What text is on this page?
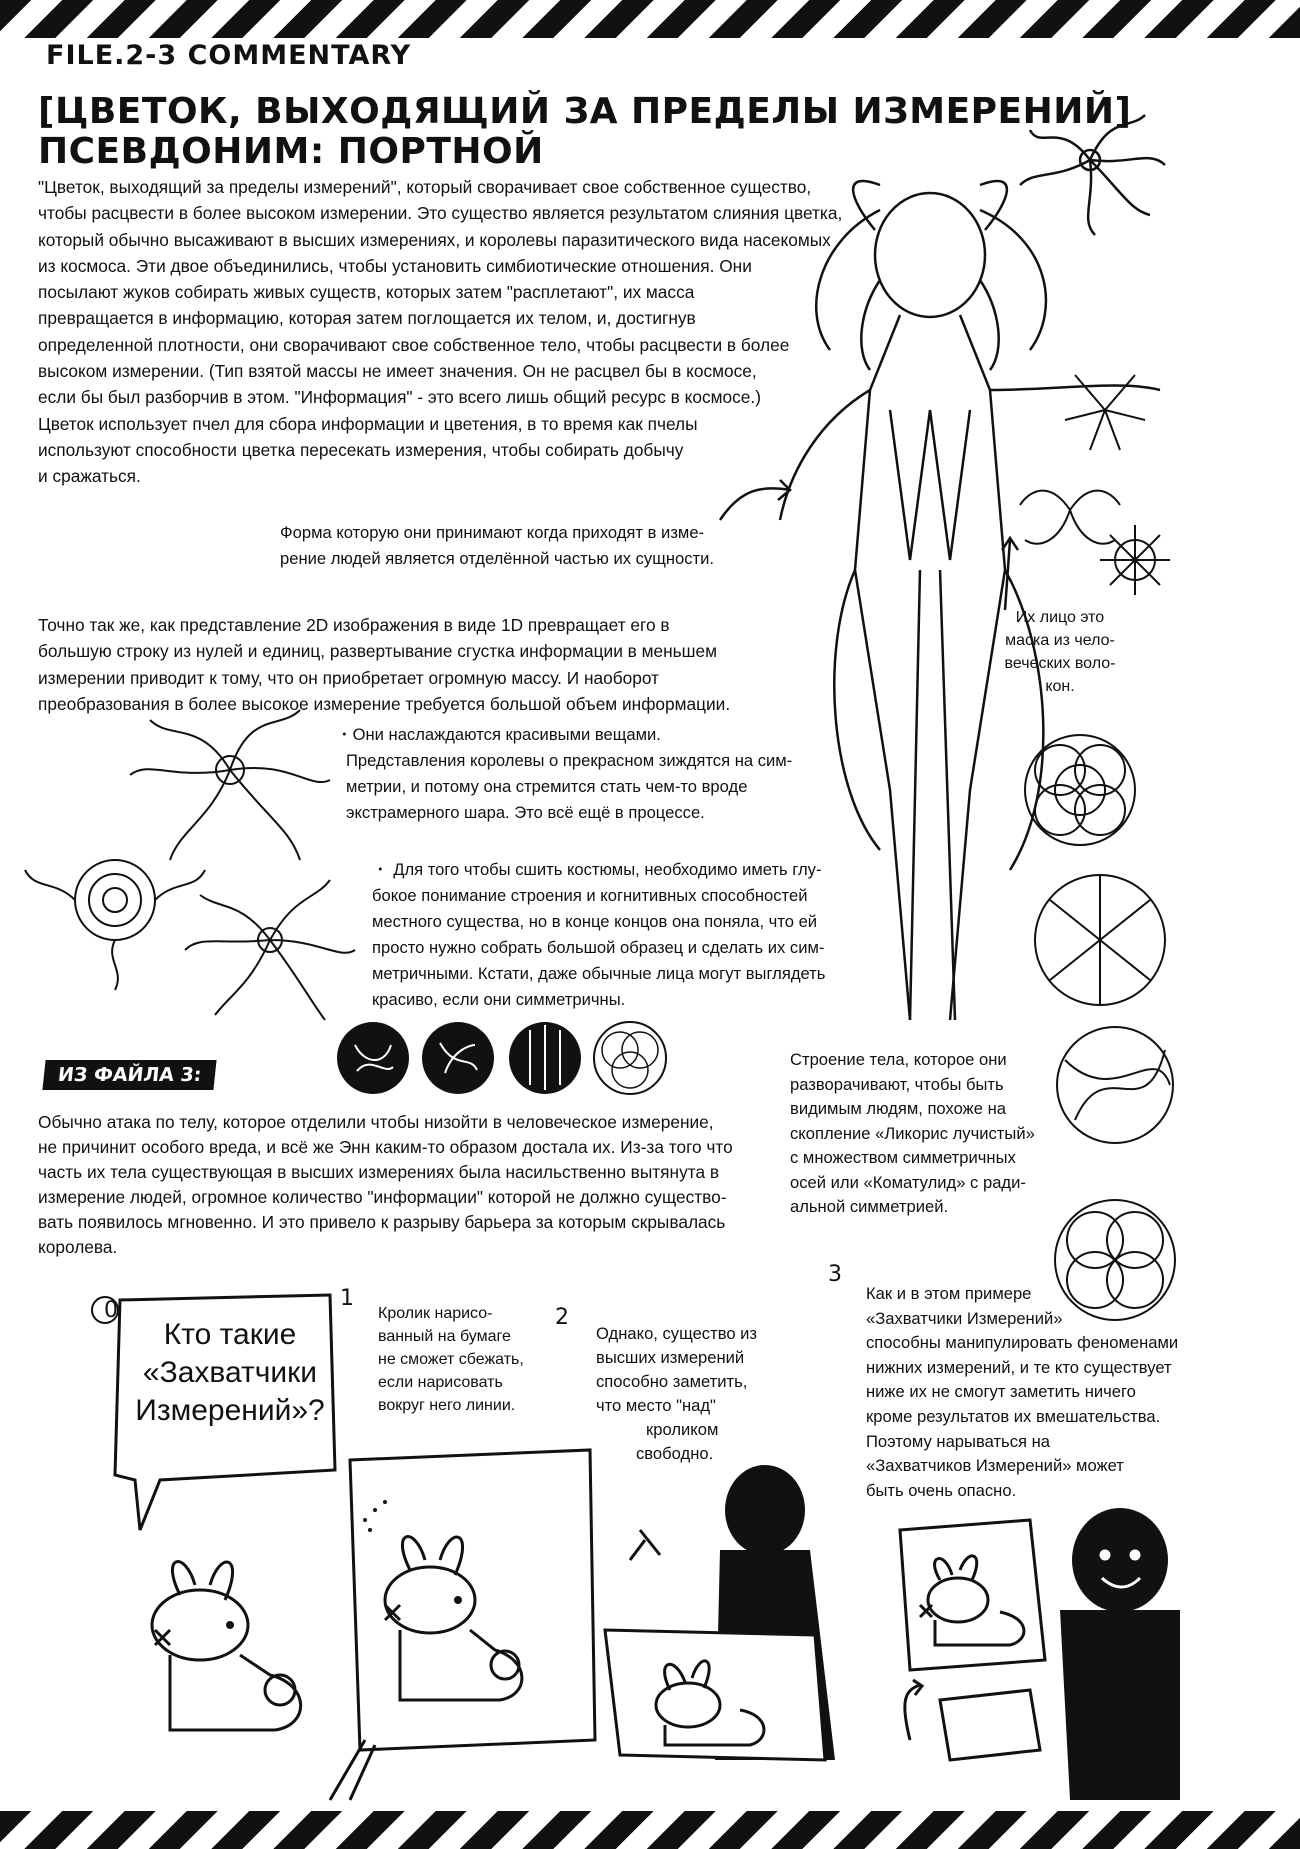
FILE.2-3 COMMENTARY
[ЦВЕТОК, ВЫХОДЯЩИЙ ЗА ПРЕДЕЛЫ ИЗМЕРЕНИЙ]
ПСЕВДОНИМ: ПОРТНОЙ
"Цветок, выходящий за пределы измерений", который сворачивает свое собственное существо,
чтобы расцвести в более высоком измерении. Это существо является результатом слияния цветка,
который обычно высаживают в высших измерениях, и королевы паразитического вида насекомых
из космоса. Эти двое объединились, чтобы установить симбиотические отношения. Они
посылают жуков собирать живых существ, которых затем "расплетают", их масса
превращается в информацию, которая затем поглощается их телом, и, достигнув
определенной плотности, они сворачивают свое собственное тело, чтобы расцвести в более
высоком измерении. (Тип взятой массы не имеет значения. Он не расцвел бы в космосе,
если бы был разборчив в этом. "Информация" - это всего лишь общий ресурс в космосе.)
Цветок использует пчел для сбора информации и цветения, в то время как пчелы
используют способности цветка пересекать измерения, чтобы собирать добычу
и сражаться.
Форма которую они принимают когда приходят в изме-
рение людей является отделённой частью их сущности.
Точно так же, как представление 2D изображения в виде 1D превращает его в
большую строку из нулей и единиц, развертывание сгустка информации в меньшем
измерении приводит к тому, что он приобретает огромную массу. И наоборот
преобразования в более высокое измерение требуется большой объем информации.
Их лицо это
маска из чело-
веческих воло-
кон.
・Они наслаждаются красивыми вещами.
Представления королевы о прекрасном зиждятся на сим-
метрии, и потому она стремится стать чем-то вроде
экстрамерного шара. Это всё ещё в процессе.
・ Для того чтобы сшить костюмы, необходимо иметь глу-
бокое понимание строения и когнитивных способностей
местного существа, но в конце концов она поняла, что ей
просто нужно собрать большой образец и сделать их сим-
метричными. Кстати, даже обычные лица могут выглядеть
красиво, если они симметричны.
ИЗ ФАЙЛА 3:
Строение тела, которое они
разворачивают, чтобы быть
видимым людям, похоже на
скопление «Ликорис лучистый»
с множеством симметричных
осей или «Коматулид» с ради-
альной симметрией.
Обычно атака по телу, которое отделили чтобы низойти в человеческое измерение,
не причинит особого вреда, и всё же Энн каким-то образом достала их. Из-за того что
часть их тела существующая в высших измерениях была насильственно вытянута в
измерение людей, огромное количество "информации" которой не должно существо-
вать появилось мгновенно. И это привело к разрыву барьера за которым скрывалась
королева.
0
Кто такие
«Захватчики
Измерений»?
1
Кролик нарисо-
ванный на бумаге
не сможет сбежать,
если нарисовать
вокруг него линии.
2
Однако, существо из
высших измерений
способно заметить,
что место "над"
кроликом
свободно.
3
Как и в этом примере
«Захватчики Измерений»
способны манипулировать феноменами
нижних измерений, и те кто существует
ниже их не смогут заметить ничего
кроме результатов их вмешательства.
Поэтому нарываться на
«Захватчиков Измерений» может
быть очень опасно.
